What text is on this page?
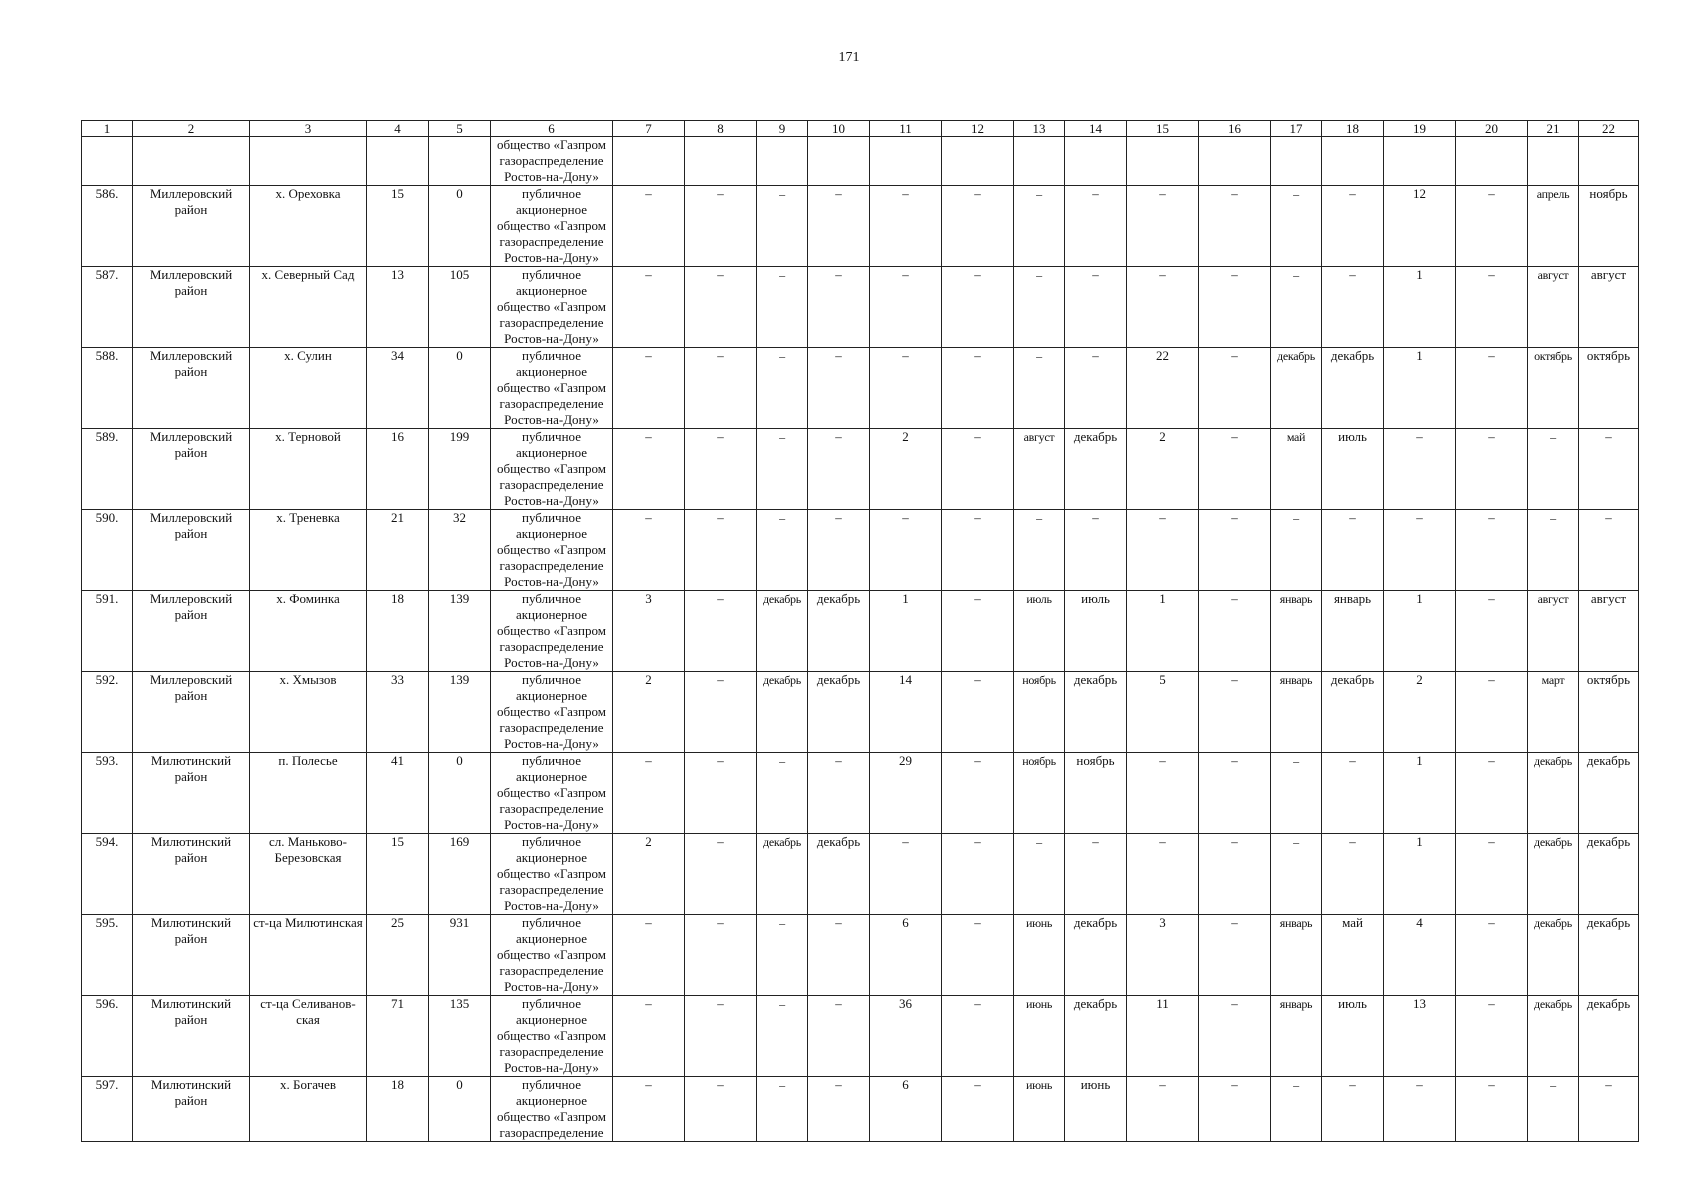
171
1	2	3	4	5	6	7	8	9	10	11	12	13	14	15	16	17	18	19	20	21	22
					общество «Газпром газораспределение Ростов-на-Дону»																
586.	Миллеровский район	х. Ореховка	15	0	публичное акционерное общество «Газпром газораспределение Ростов-на-Дону»	–	–	–	–	–	–	–	–	–	–	–	–	12	–	апрель	ноябрь
587.	Миллеровский район	х. Северный Сад	13	105	публичное акционерное общество «Газпром газораспределение Ростов-на-Дону»	–	–	–	–	–	–	–	–	–	–	–	–	1	–	август	август
588.	Миллеровский район	х. Сулин	34	0	публичное акционерное общество «Газпром газораспределение Ростов-на-Дону»	–	–	–	–	–	–	–	–	22	–	декабрь	декабрь	1	–	октябрь	октябрь
589.	Миллеровский район	х. Терновой	16	199	публичное акционерное общество «Газпром газораспределение Ростов-на-Дону»	–	–	–	–	2	–	август	декабрь	2	–	май	июль	–	–	–	–
590.	Миллеровский район	х. Треневка	21	32	публичное акционерное общество «Газпром газораспределение Ростов-на-Дону»	–	–	–	–	–	–	–	–	–	–	–	–	–	–	–	–
591.	Миллеровский район	х. Фоминка	18	139	публичное акционерное общество «Газпром газораспределение Ростов-на-Дону»	3	–	декабрь	декабрь	1	–	июль	июль	1	–	январь	январь	1	–	август	август
592.	Миллеровский район	х. Хмызов	33	139	публичное акционерное общество «Газпром газораспределение Ростов-на-Дону»	2	–	декабрь	декабрь	14	–	ноябрь	декабрь	5	–	январь	декабрь	2	–	март	октябрь
593.	Милютинский район	п. Полесье	41	0	публичное акционерное общество «Газпром газораспределение Ростов-на-Дону»	–	–	–	–	29	–	ноябрь	ноябрь	–	–	–	–	1	–	декабрь	декабрь
594.	Милютинский район	сл. Маньково-Березовская	15	169	публичное акционерное общество «Газпром газораспределение Ростов-на-Дону»	2	–	декабрь	декабрь	–	–	–	–	–	–	–	–	1	–	декабрь	декабрь
595.	Милютинский район	ст-ца Милютинская	25	931	публичное акционерное общество «Газпром газораспределение Ростов-на-Дону»	–	–	–	–	6	–	июнь	декабрь	3	–	январь	май	4	–	декабрь	декабрь
596.	Милютинский район	ст-ца Селиванов-ская	71	135	публичное акционерное общество «Газпром газораспределение Ростов-на-Дону»	–	–	–	–	36	–	июнь	декабрь	11	–	январь	июль	13	–	декабрь	декабрь
597.	Милютинский район	х. Богачев	18	0	публичное акционерное общество «Газпром газораспределение	–	–	–	–	6	–	июнь	июнь	–	–	–	–	–	–	–	–
